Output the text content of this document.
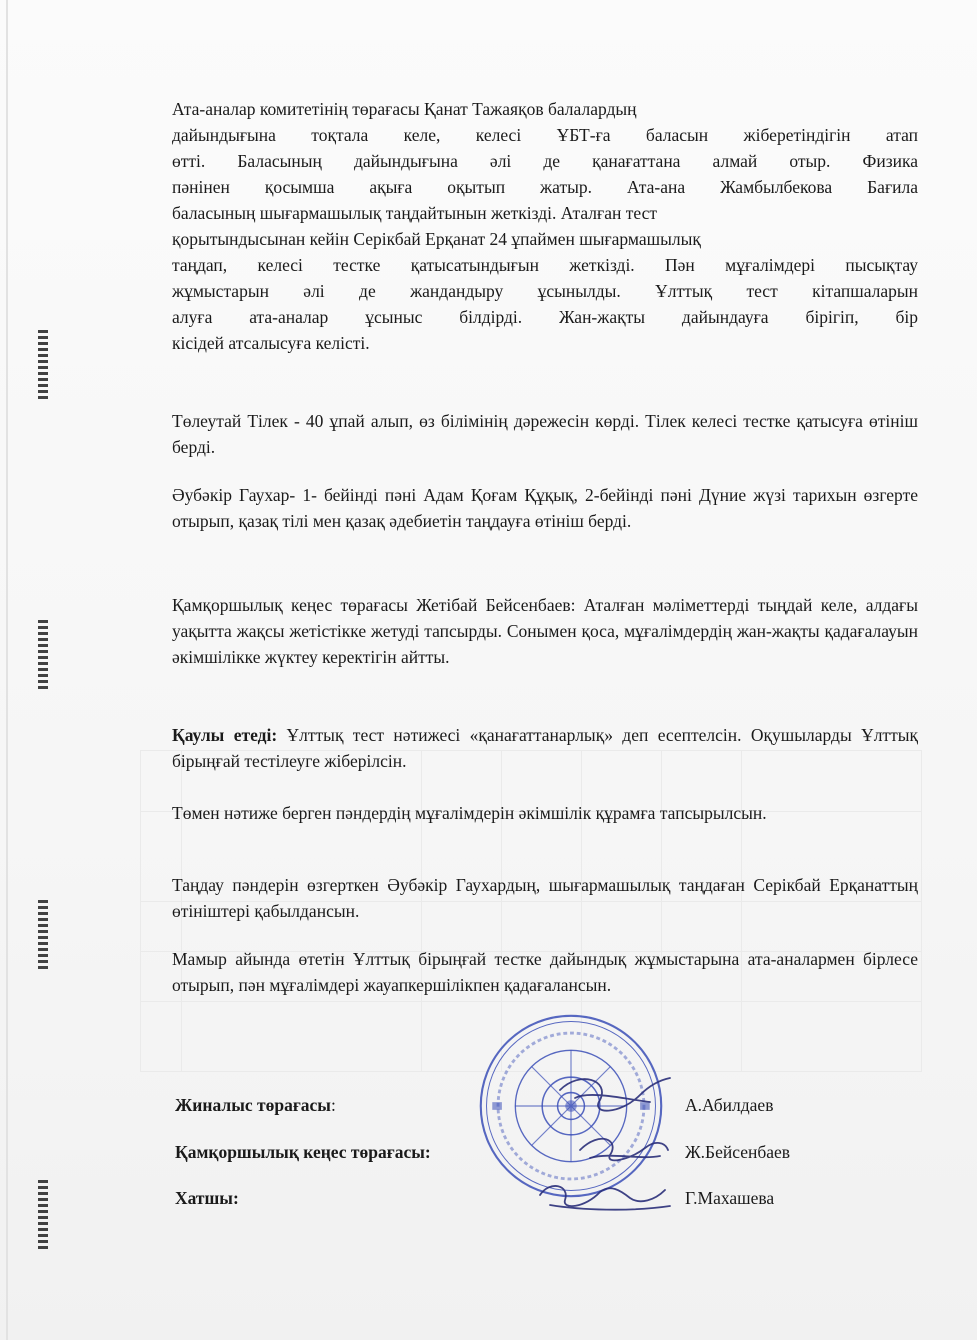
Ата-аналар комитетінің төрағасы Қанат Тажаяқов балалардың
дайындығына тоқтала келе, келесі ҰБТ-ға баласын жіберетіндігін атап
өтті. Баласының дайындығына әлі де қанағаттана алмай отыр. Физика
пәнінен қосымша ақыға оқытып жатыр. Ата-ана Жамбылбекова Бағила
баласының шығармашылық таңдайтынын жеткізді. Аталған тест
қорытындысынан кейін Серікбай Ерқанат 24 ұпаймен шығармашылық
таңдап, келесі тестке қатысатындығын жеткізді. Пән мұғалімдері пысықтау
жұмыстарын әлі де жандандыру ұсынылды. Ұлттық тест кітапшаларын
алуға ата-аналар ұсыныс білдірді. Жан-жақты дайындауға бірігіп, бір
кісідей атсалысуға келісті.

Төлеутай Тілек - 40 ұпай алып, өз білімінің дәрежесін көрді. Тілек келесі тестке қатысуға өтініш берді.

Әубәкір Гаухар- 1- бейінді пәні Адам Қоғам Құқық, 2-бейінді пәні Дүние жүзі тарихын өзгерте отырып, қазақ тілі мен қазақ әдебиетін таңдауға өтініш берді.

Қамқоршылық кеңес төрағасы Жетібай Бейсенбаев: Аталған мәліметтерді тыңдай келе, алдағы уақытта жақсы жетістікке жетуді тапсырды. Сонымен қоса, мұғалімдердің жан-жақты қадағалауын әкімшілікке жүктеу керектігін айтты.

Қаулы етеді: Ұлттық тест нәтижесі «қанағаттанарлық» деп есептелсін. Оқушыларды Ұлттық бірыңғай тестілеуге жіберілсін.

Төмен нәтиже берген пәндердің мұғалімдерін әкімшілік құрамға тапсырылсын.

Таңдау пәндерін өзгерткен Әубәкір Гаухардың, шығармашылық таңдаған Серікбай Ерқанаттың өтініштері қабылдансын.

Мамыр айында өтетін Ұлттық бірыңғай тестке дайындық жұмыстарына ата-аналармен бірлесе отырып, пән мұғалімдері жауапкершілікпен қадағалансын.

Жиналыс төрағасы:	А.Абилдаев
Қамқоршылық кеңес төрағасы:	Ж.Бейсенбаев
Хатшы:	Г.Махашева
